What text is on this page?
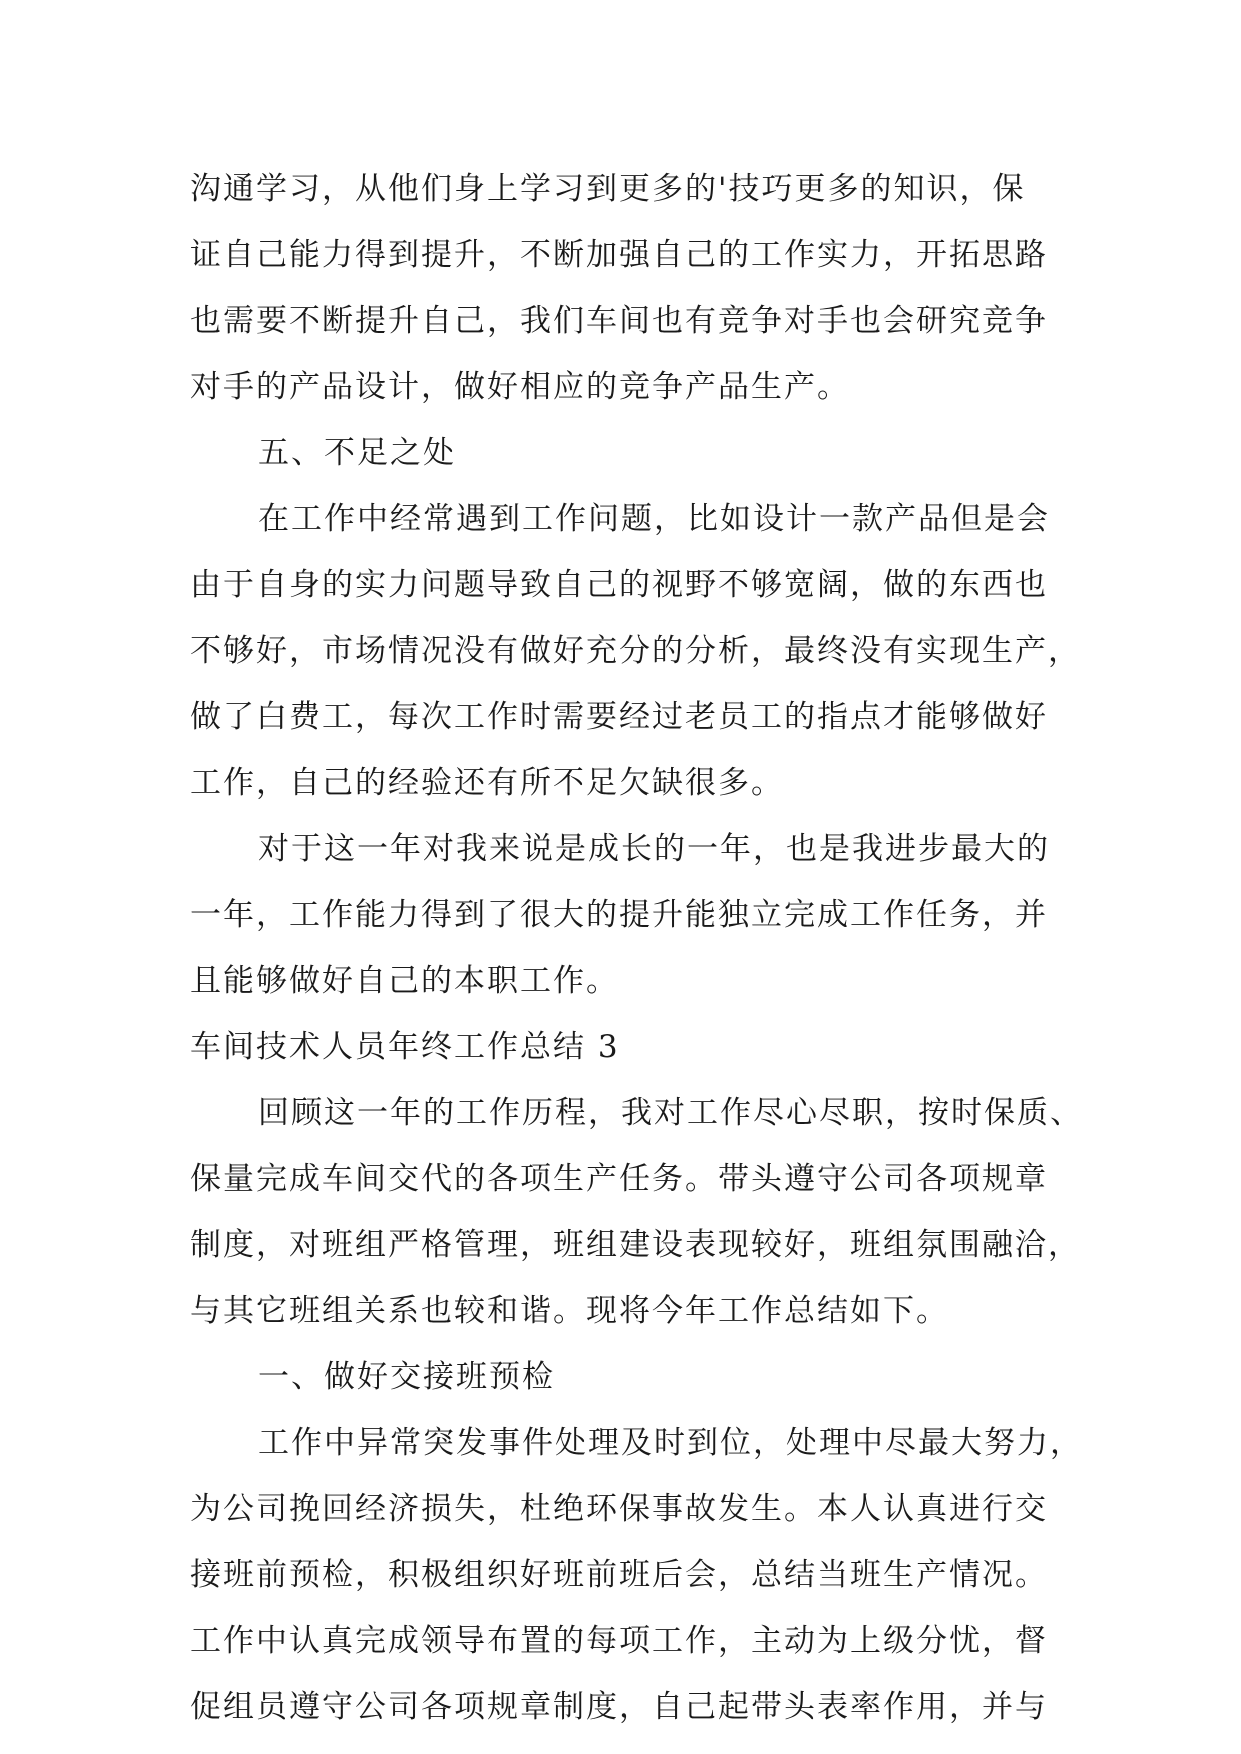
沟通学习，从他们身上学习到更多的'技巧更多的知识，保
证自己能力得到提升，不断加强自己的工作实力，开拓思路
也需要不断提升自己，我们车间也有竞争对手也会研究竞争
对手的产品设计，做好相应的竞争产品生产。
五、不足之处
在工作中经常遇到工作问题，比如设计一款产品但是会
由于自身的实力问题导致自己的视野不够宽阔，做的东西也
不够好，市场情况没有做好充分的分析，最终没有实现生产，
做了白费工，每次工作时需要经过老员工的指点才能够做好
工作，自己的经验还有所不足欠缺很多。
对于这一年对我来说是成长的一年，也是我进步最大的
一年，工作能力得到了很大的提升能独立完成工作任务，并
且能够做好自己的本职工作。
车间技术人员年终工作总结 3
回顾这一年的工作历程，我对工作尽心尽职，按时保质、
保量完成车间交代的各项生产任务。带头遵守公司各项规章
制度，对班组严格管理，班组建设表现较好，班组氛围融洽，
与其它班组关系也较和谐。现将今年工作总结如下。
一、做好交接班预检
工作中异常突发事件处理及时到位，处理中尽最大努力，
为公司挽回经济损失，杜绝环保事故发生。本人认真进行交
接班前预检，积极组织好班前班后会，总结当班生产情况。
工作中认真完成领导布置的每项工作，主动为上级分忧，督
促组员遵守公司各项规章制度，自己起带头表率作用，并与
